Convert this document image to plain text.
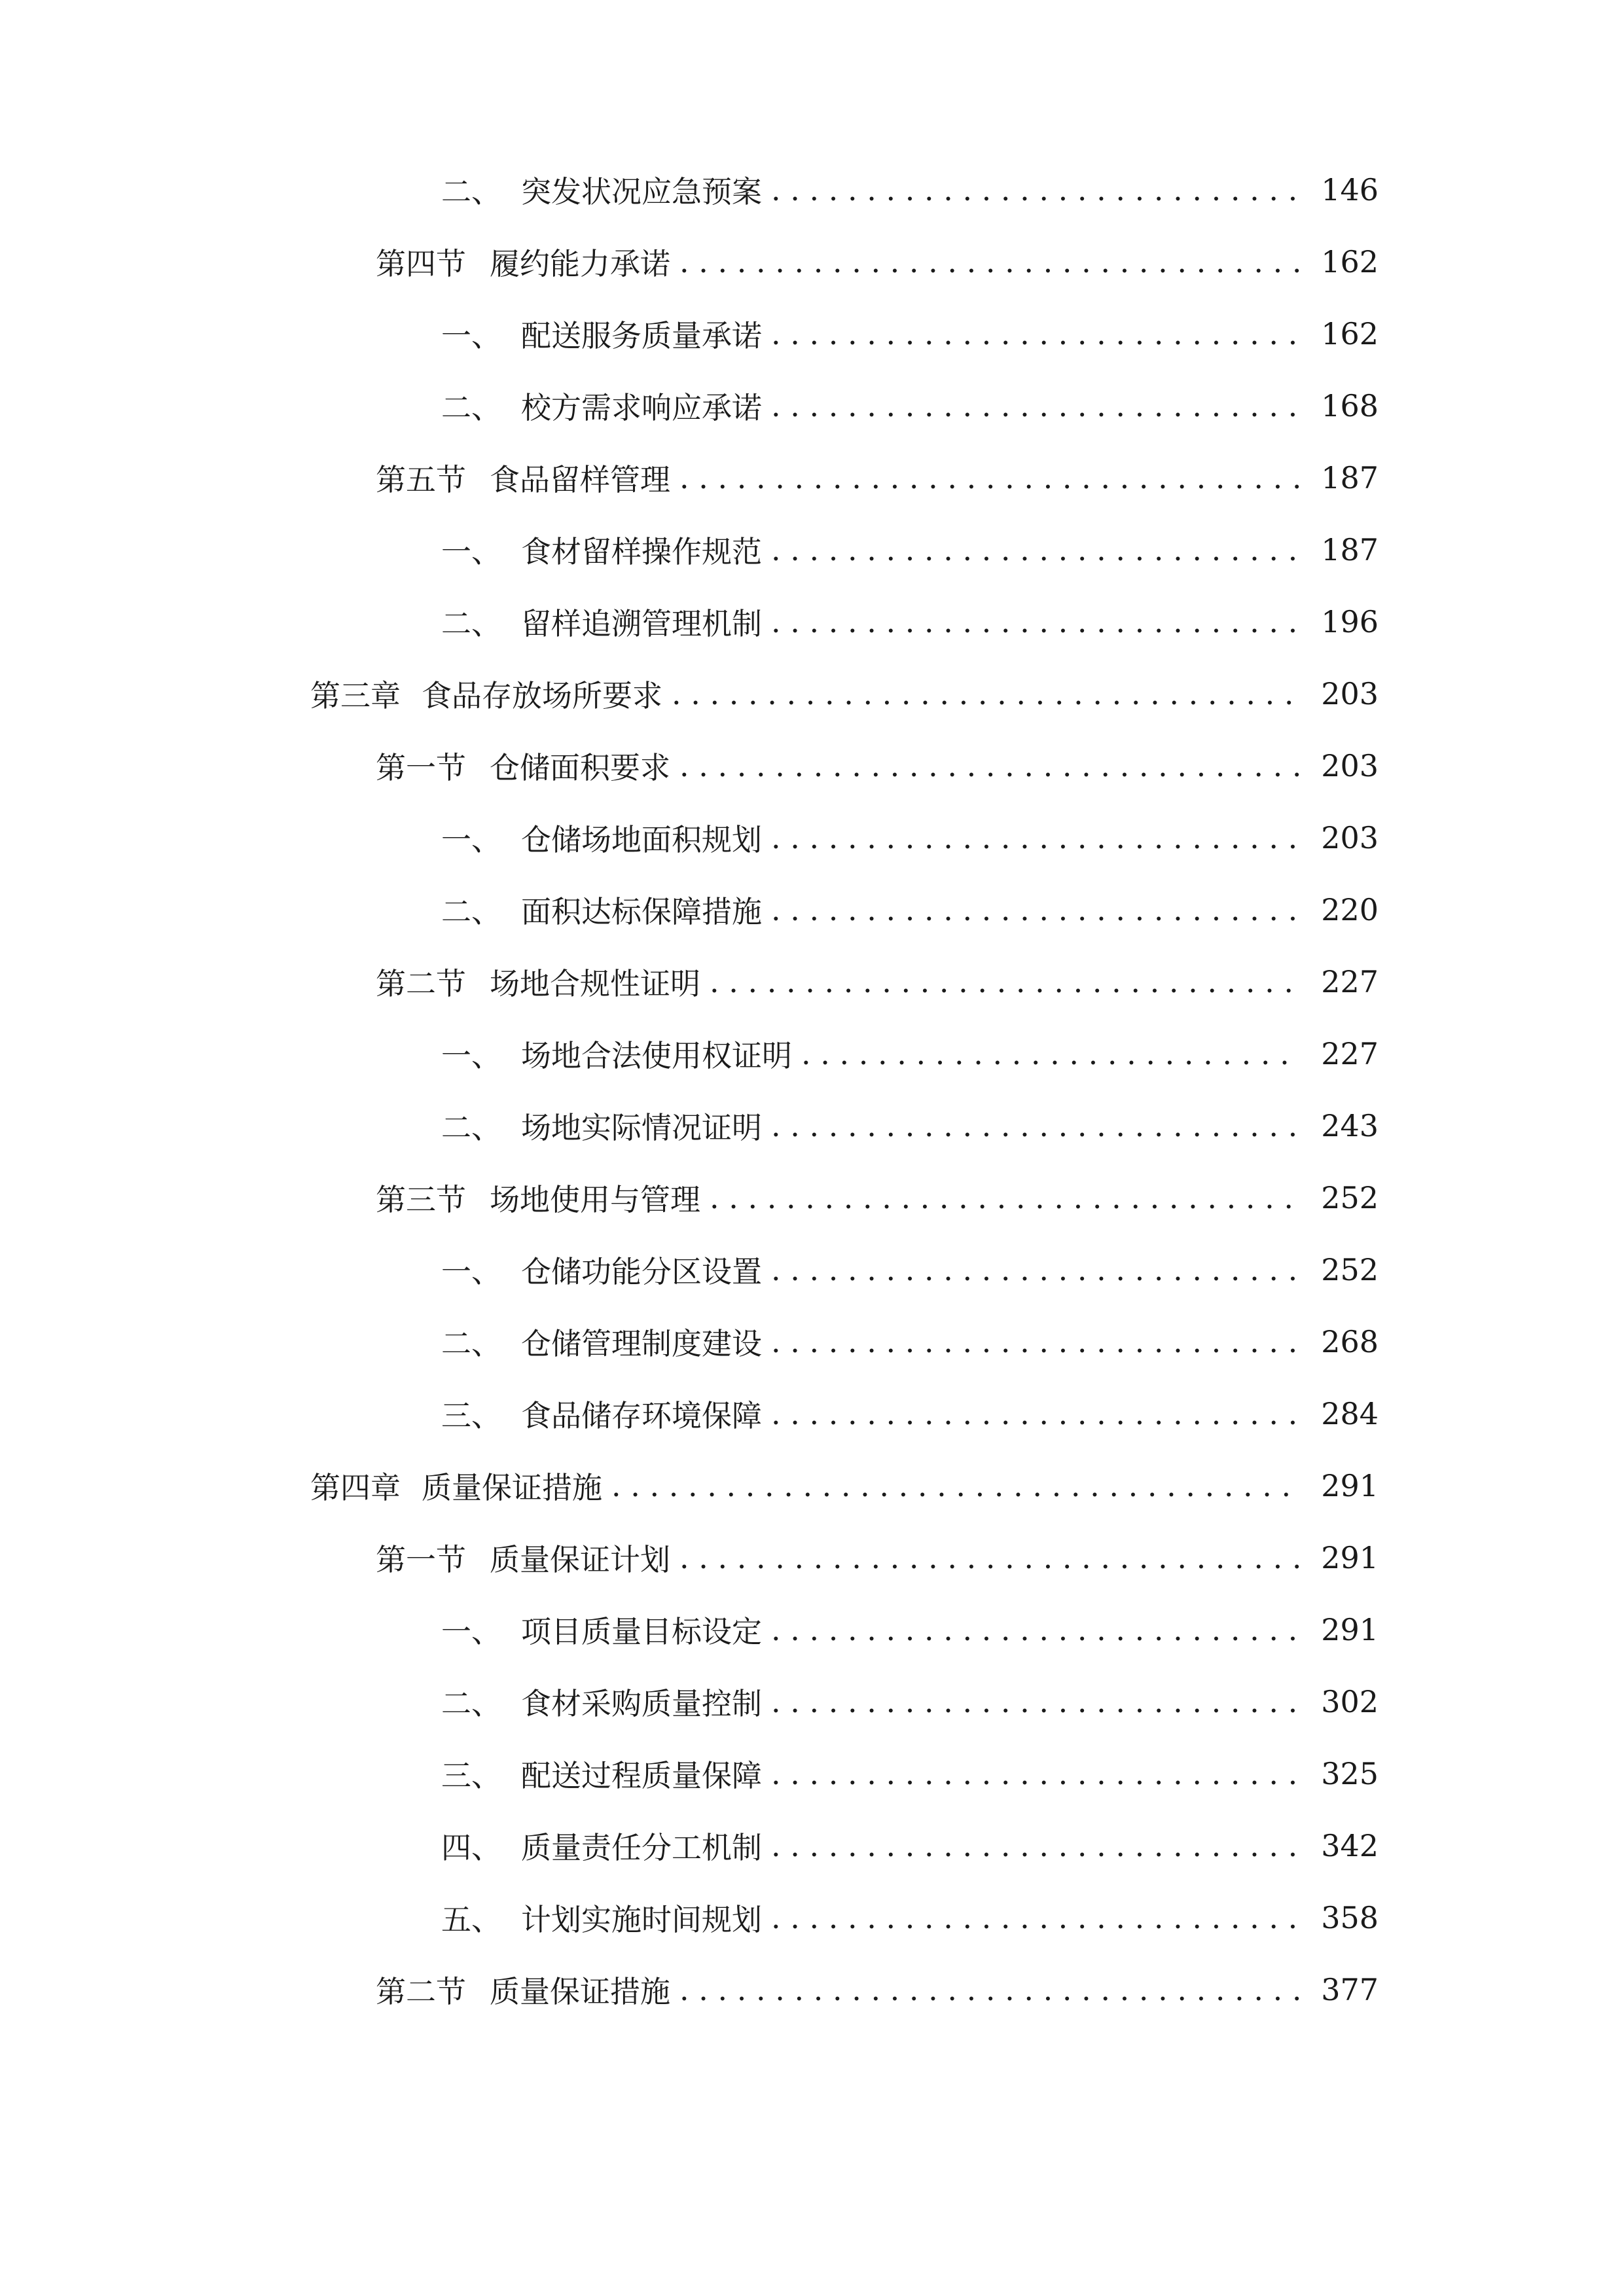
二、 突发状况应急预案 . . .	146
第四节 履约能力承诺 . . .	162
一、 配送服务质量承诺 . . .	162
二、 校方需求响应承诺 . . .	168
第五节 食品留样管理 . . .	187
一、 食材留样操作规范 . . .	187
二、 留样追溯管理机制 . . .	196
第三章 食品存放场所要求 . . .	203
第一节 仓储面积要求 . . .	203
一、 仓储场地面积规划 . . .	203
二、 面积达标保障措施 . . .	220
第二节 场地合规性证明 . . .	227
一、 场地合法使用权证明 . . .	227
二、 场地实际情况证明 . . .	243
第三节 场地使用与管理 . . .	252
一、 仓储功能分区设置 . . .	252
二、 仓储管理制度建设 . . .	268
三、 食品储存环境保障 . . .	284
第四章 质量保证措施 . . .	291
第一节 质量保证计划 . . .	291
一、 项目质量目标设定 . . .	291
二、 食材采购质量控制 . . .	302
三、 配送过程质量保障 . . .	325
四、 质量责任分工机制 . . .	342
五、 计划实施时间规划 . . .	358
第二节 质量保证措施 . . .	377
